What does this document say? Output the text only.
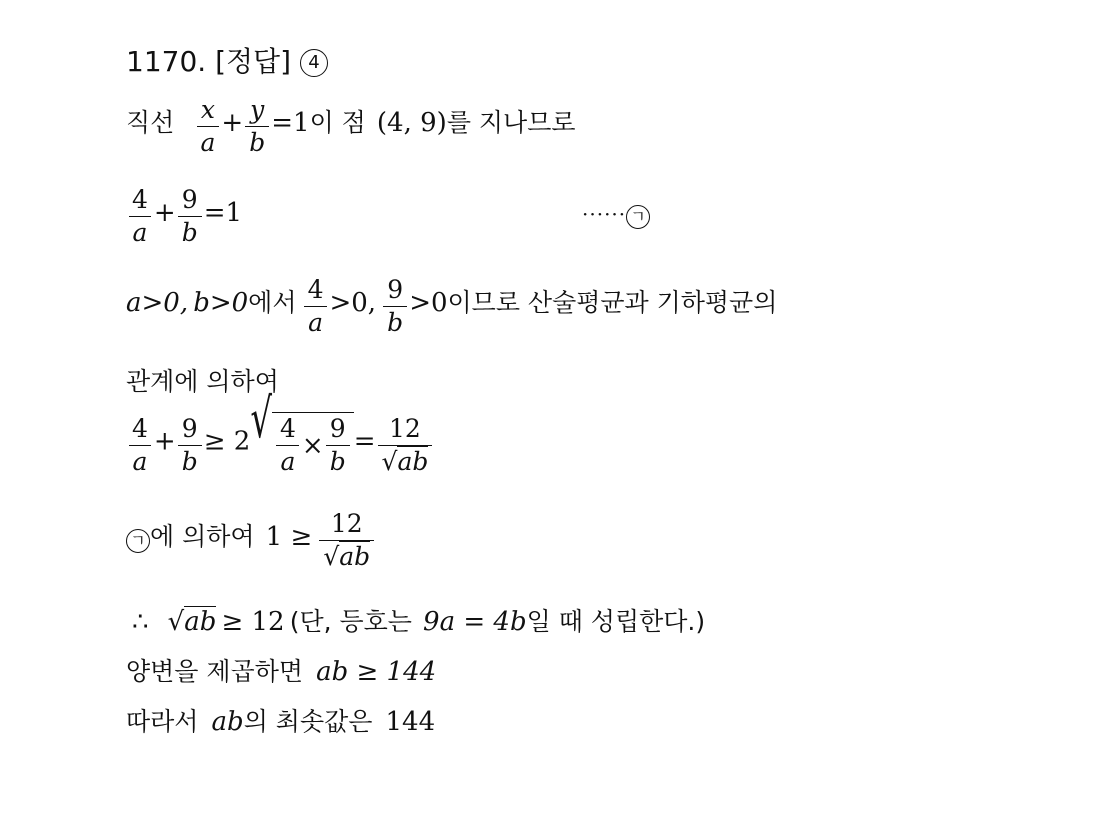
1170. [정답] 4
직선 $\frac{x}{a} + \frac{y}{b} =1$이 점 (4, 9)를 지나므로
$\frac{4}{a} + \frac{9}{b} =1$	······ ㄱ
a>0, b>0에서 $\frac{4}{a} >0$, $\frac{9}{b} >0$이므로 산술평균과 기하평균의
관계에 의하여
$\frac{4}{a} + \frac{9}{b} \ge 2$ √ $\frac{4}{a} \times \frac{9}{b} = \frac{12}{√ab}$
ㄱ 에 의하여 $1 \ge \frac{12}{√ab}$
∴ √ab ≥ 12 (단, 등호는 9a = 4b일 때 성립한다.)
양변을 제곱하면 ab ≥ 144
따라서 ab의 최솟값은 144
